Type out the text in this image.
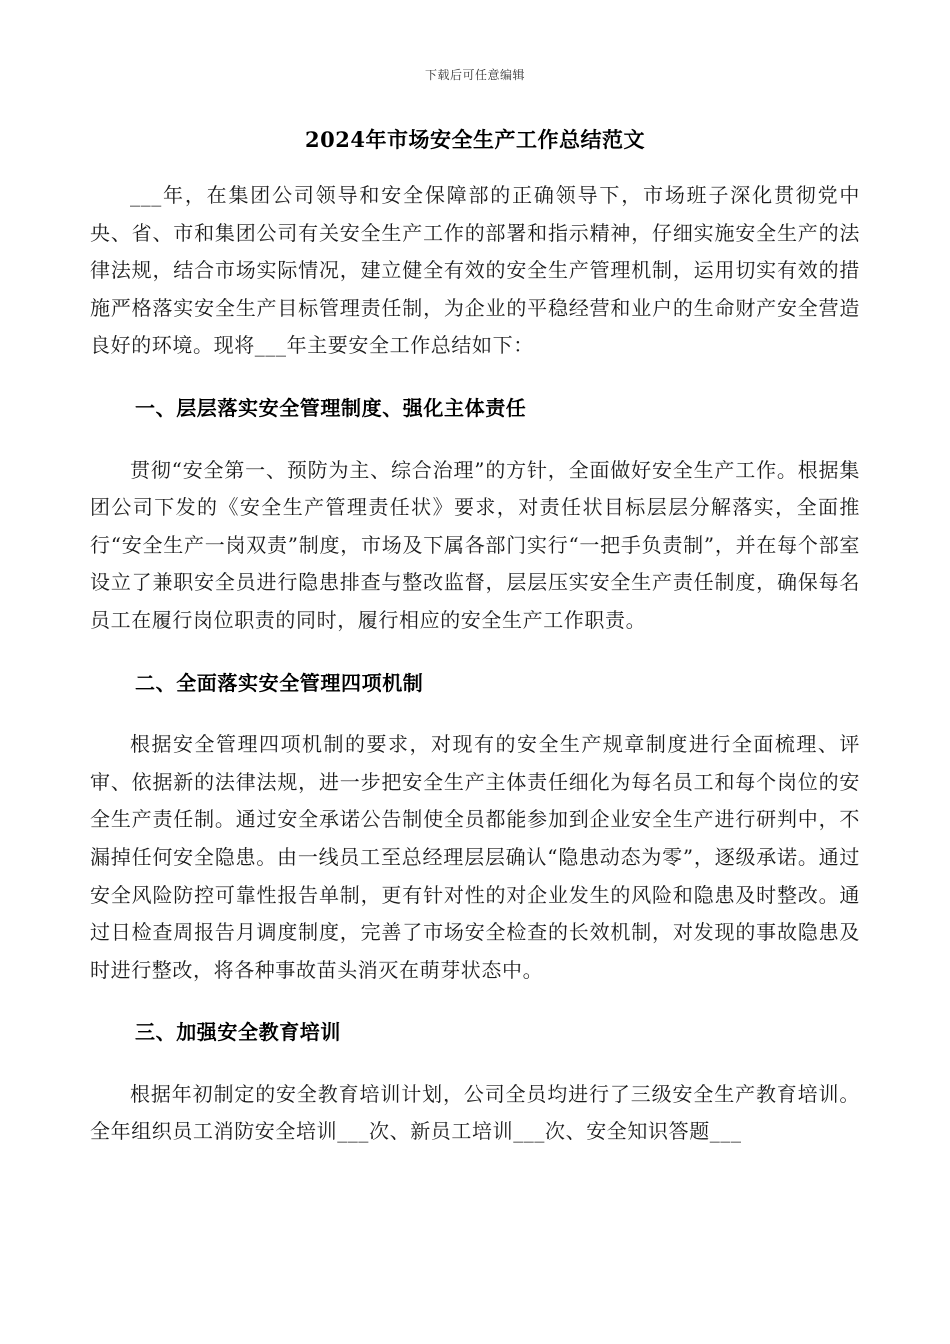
下载后可任意编辑
2024年市场安全生产工作总结范文

___年，在集团公司领导和安全保障部的正确领导下，市场班子深化贯彻党中央、省、市和集团公司有关安全生产工作的部署和指示精神，仔细实施安全生产的法律法规，结合市场实际情况，建立健全有效的安全生产管理机制，运用切实有效的措施严格落实安全生产目标管理责任制，为企业的平稳经营和业户的生命财产安全营造良好的环境。现将___年主要安全工作总结如下：

一、层层落实安全管理制度、强化主体责任

贯彻“安全第一、预防为主、综合治理”的方针，全面做好安全生产工作。根据集团公司下发的《安全生产管理责任状》要求，对责任状目标层层分解落实，全面推行“安全生产一岗双责”制度，市场及下属各部门实行“一把手负责制”，并在每个部室设立了兼职安全员进行隐患排查与整改监督，层层压实安全生产责任制度，确保每名员工在履行岗位职责的同时，履行相应的安全生产工作职责。

二、全面落实安全管理四项机制

根据安全管理四项机制的要求，对现有的安全生产规章制度进行全面梳理、评审、依据新的法律法规，进一步把安全生产主体责任细化为每名员工和每个岗位的安全生产责任制。通过安全承诺公告制使全员都能参加到企业安全生产进行研判中，不漏掉任何安全隐患。由一线员工至总经理层层确认“隐患动态为零”，逐级承诺。通过安全风险防控可靠性报告单制，更有针对性的对企业发生的风险和隐患及时整改。通过日检查周报告月调度制度，完善了市场安全检查的长效机制，对发现的事故隐患及时进行整改，将各种事故苗头消灭在萌芽状态中。

三、加强安全教育培训

根据年初制定的安全教育培训计划，公司全员均进行了三级安全生产教育培训。全年组织员工消防安全培训___次、新员工培训___次、安全知识答题___
